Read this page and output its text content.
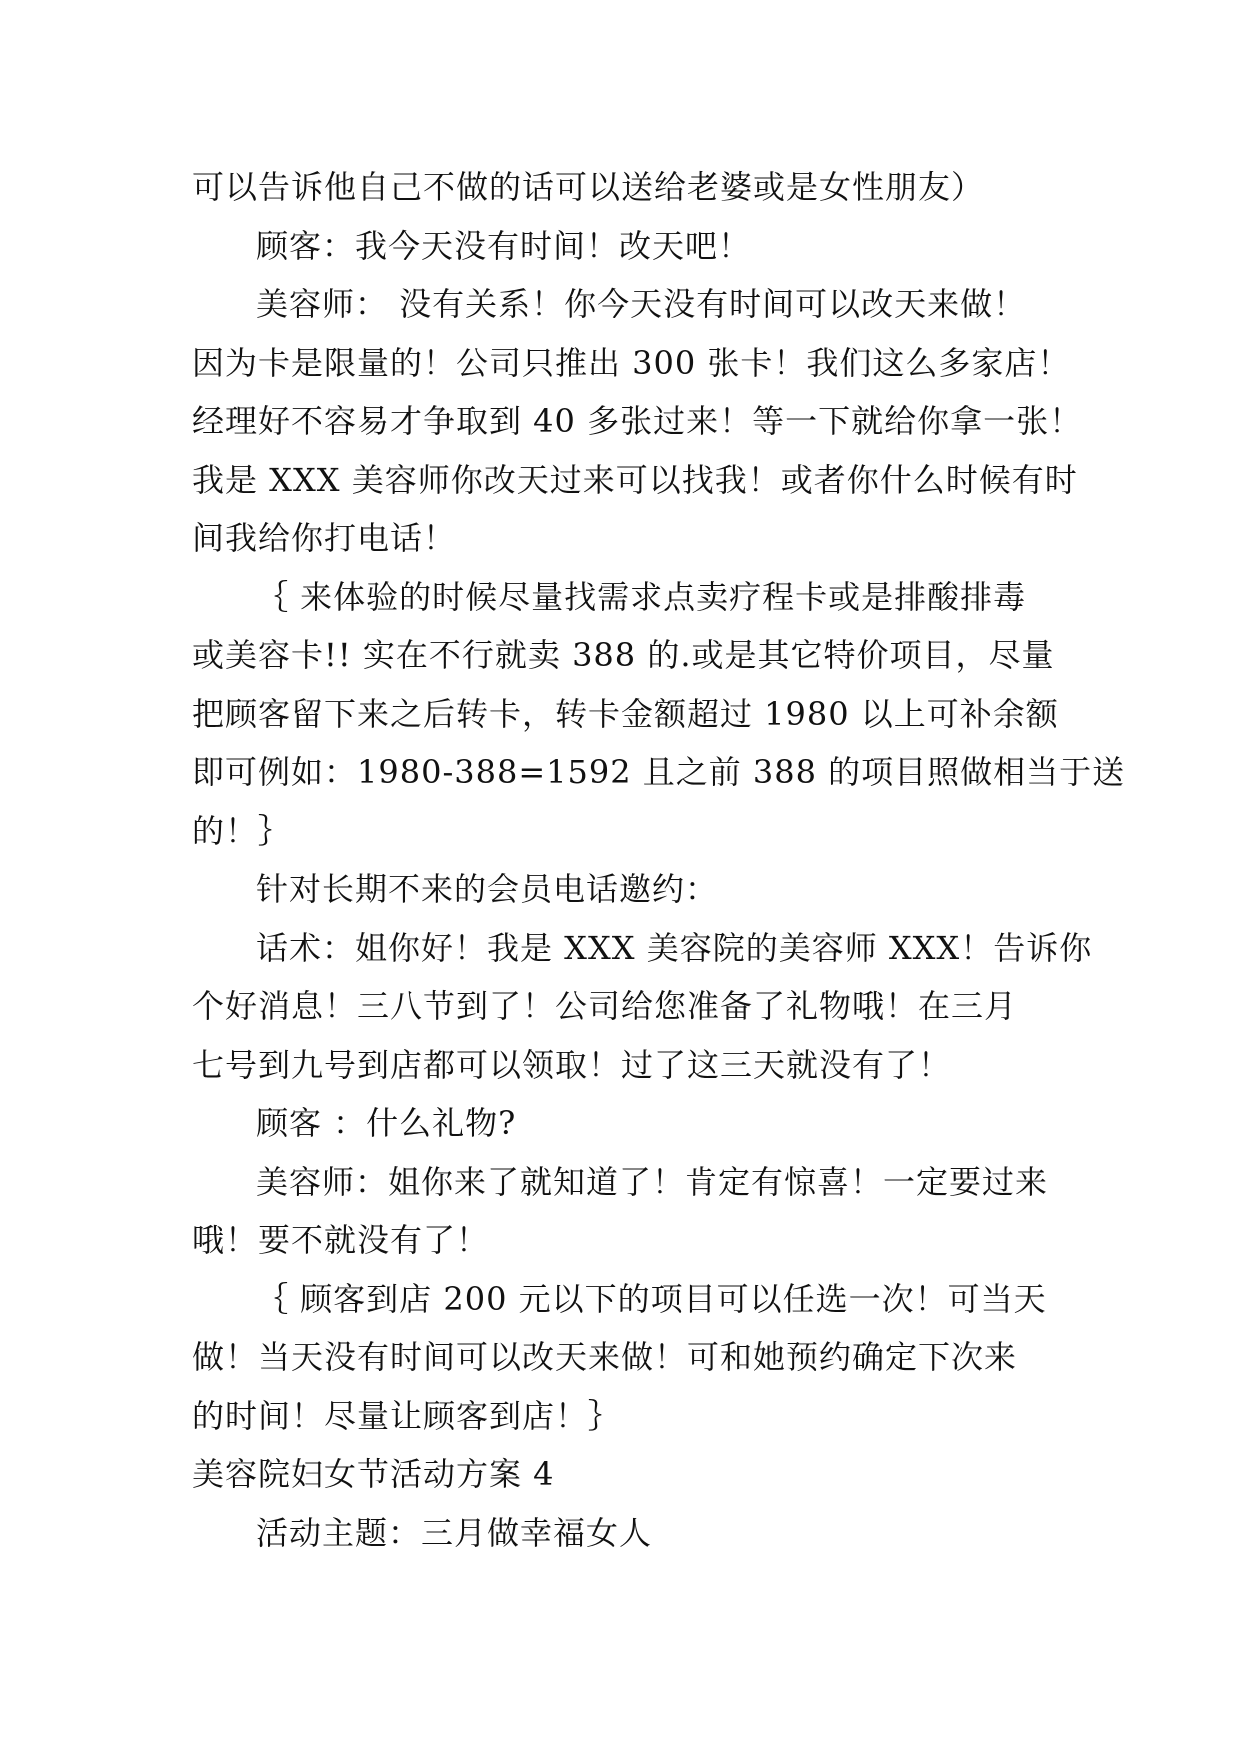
可以告诉他自己不做的话可以送给老婆或是女性朋友）
顾客：我今天没有时间！改天吧！
美容师： 没有关系！你今天没有时间可以改天来做！
因为卡是限量的！公司只推出 300 张卡！我们这么多家店！
经理好不容易才争取到 40 多张过来！等一下就给你拿一张！
我是 XXX 美容师你改天过来可以找我！或者你什么时候有时
间我给你打电话！
｛ 来体验的时候尽量找需求点卖疗程卡或是排酸排毒
或美容卡!! 实在不行就卖 388 的.或是其它特价项目，尽量
把顾客留下来之后转卡，转卡金额超过 1980 以上可补余额
即可例如：1980-388=1592 且之前 388 的项目照做相当于送
的！｝
针对长期不来的会员电话邀约：
话术：姐你好！我是 XXX 美容院的美容师 XXX！告诉你
个好消息！三八节到了！公司给您准备了礼物哦！在三月
七号到九号到店都可以领取！过了这三天就没有了！
顾客 ：什么礼物?
美容师：姐你来了就知道了！肯定有惊喜！一定要过来
哦！要不就没有了！
｛ 顾客到店 200 元以下的项目可以任选一次！可当天
做！当天没有时间可以改天来做！可和她预约确定下次来
的时间！尽量让顾客到店！｝
美容院妇女节活动方案 4
活动主题：三月做幸福女人
